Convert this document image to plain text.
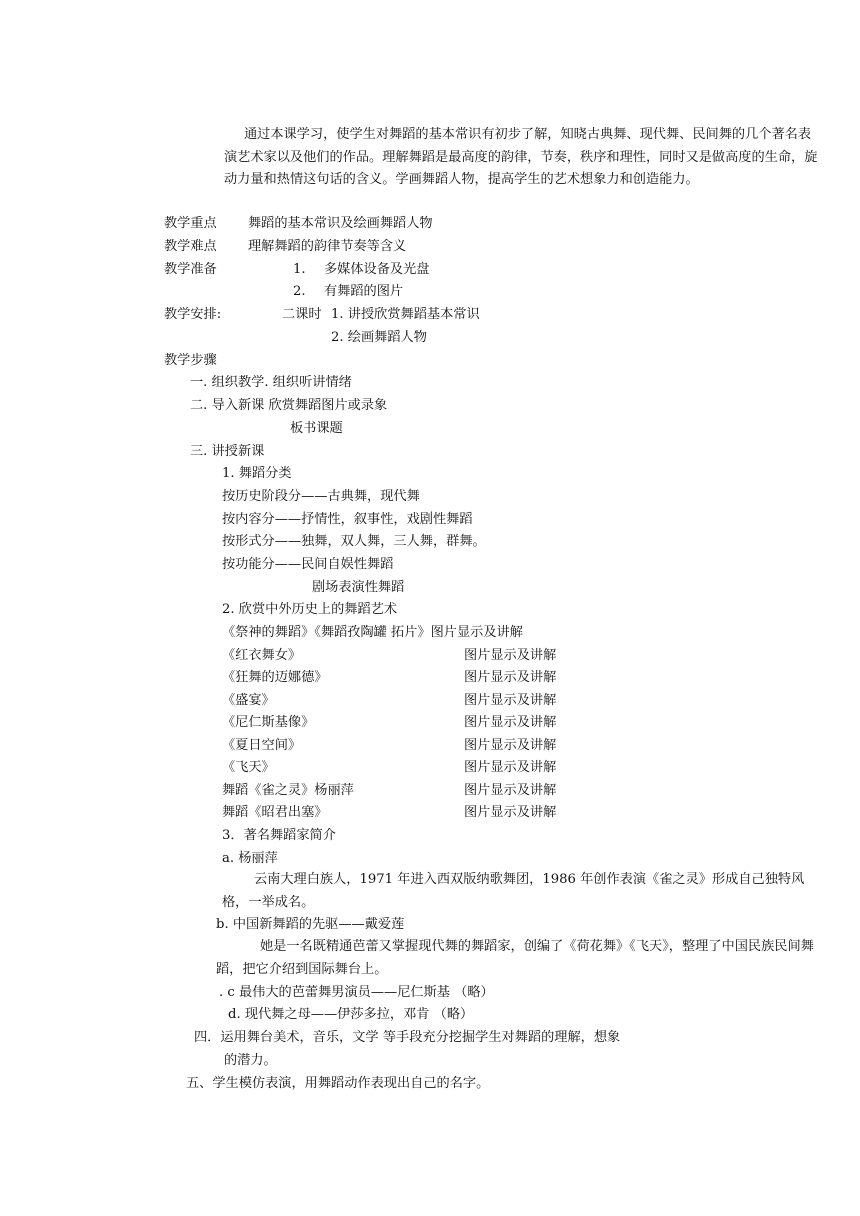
通过本课学习，使学生对舞蹈的基本常识有初步了解，知晓古典舞、现代舞、民间舞的几个著名表演艺术家以及他们的作品。理解舞蹈是最高度的韵律，节奏，秩序和理性，同时又是做高度的生命，旋动力量和热情这句话的含义。学画舞蹈人物，提高学生的艺术想象力和创造能力。
教学重点 舞蹈的基本常识及绘画舞蹈人物
教学难点 理解舞蹈的韵律节奏等含义
教学准备	1. 多媒体设备及光盘
2. 有舞蹈的图片
教学安排:	二课时 1. 讲授欣赏舞蹈基本常识
2. 绘画舞蹈人物
教学步骤
一. 组织教学. 组织听讲情绪
二. 导入新课 欣赏舞蹈图片或录象
板书课题
三. 讲授新课
1. 舞蹈分类
按历史阶段分——古典舞，现代舞
按内容分——抒情性，叙事性，戏剧性舞蹈
按形式分——独舞，双人舞，三人舞，群舞。
按功能分——民间自娱性舞蹈
剧场表演性舞蹈
2. 欣赏中外历史上的舞蹈艺术
《祭神的舞蹈》《舞蹈孜陶罐 拓片》图片显示及讲解
《红衣舞女》	图片显示及讲解
《狂舞的迈娜德》	图片显示及讲解
《盛宴》	图片显示及讲解
《尼仁斯基像》	图片显示及讲解
《夏日空间》	图片显示及讲解
《飞天》	图片显示及讲解
舞蹈《雀之灵》杨丽萍	图片显示及讲解
舞蹈《昭君出塞》	图片显示及讲解
3．著名舞蹈家简介
a. 杨丽萍
云南大理白族人，1971 年进入西双版纳歌舞团，1986 年创作表演《雀之灵》形成自己独特风格，一举成名。
b. 中国新舞蹈的先驱——戴爱莲
她是一名既精通芭蕾又掌握现代舞的舞蹈家，创编了《荷花舞》《飞天》，整理了中国民族民间舞蹈，把它介绍到国际舞台上。
. c 最伟大的芭蕾舞男演员——尼仁斯基 （略）
d. 现代舞之母——伊莎多拉，邓肯 （略）
四．运用舞台美术，音乐，文学 等手段充分挖掘学生对舞蹈的理解，想象
的潜力。
五、学生模仿表演，用舞蹈动作表现出自己的名字。
